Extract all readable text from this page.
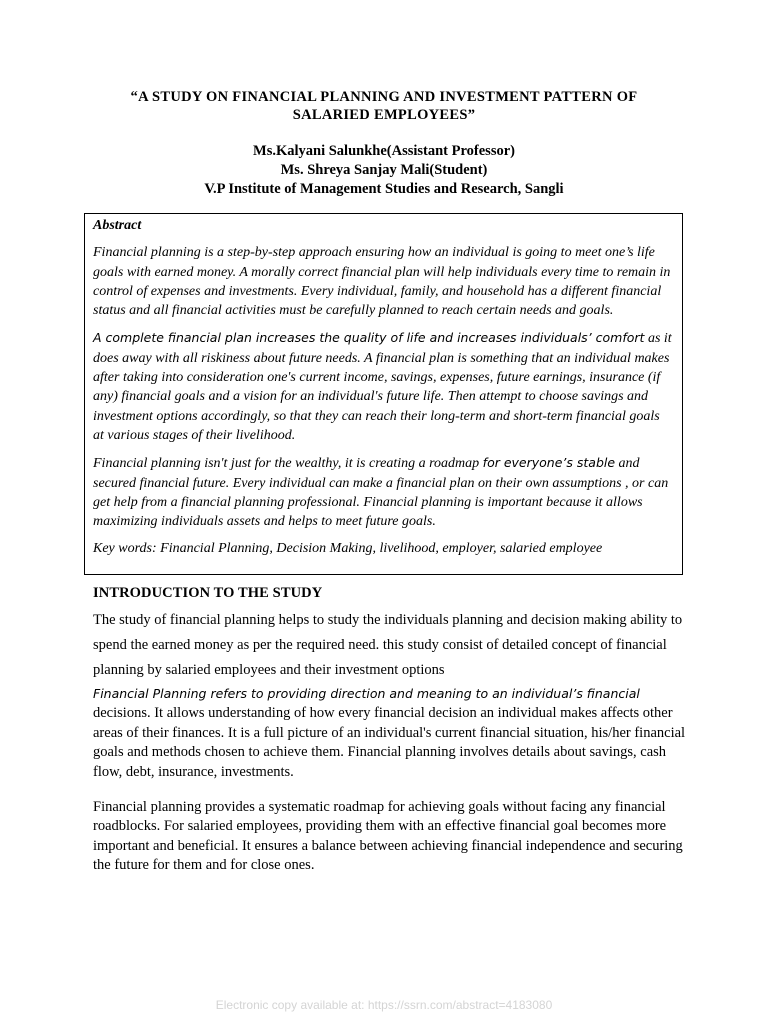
“A STUDY ON FINANCIAL PLANNING AND INVESTMENT PATTERN OF
SALARIED EMPLOYEES”
Ms.Kalyani Salunkhe(Assistant Professor)
Ms. Shreya Sanjay Mali(Student)
V.P Institute of Management Studies and Research, Sangli

Abstract

Financial planning is a step-by-step approach ensuring how an individual is going to meet one’s life goals with earned money. A morally correct financial plan will help individuals every time to remain in control of expenses and investments. Every individual, family, and household has a different financial status and all financial activities must be carefully planned to reach certain needs and goals.

A complete financial plan increases the quality of life and increases individuals’ comfort as it does away with all riskiness about future needs. A financial plan is something that an individual makes after taking into consideration one's current income, savings, expenses, future earnings, insurance (if any) financial goals and a vision for an individual's future life. Then attempt to choose savings and investment options accordingly, so that they can reach their long-term and short-term financial goals at various stages of their livelihood.

Financial planning isn't just for the wealthy, it is creating a roadmap for everyone’s stable and secured financial future. Every individual can make a financial plan on their own assumptions , or can get help from a financial planning professional. Financial planning is important because it allows maximizing individuals assets and helps to meet future goals.

Key words: Financial Planning, Decision Making, livelihood, employer, salaried employee

INTRODUCTION TO THE STUDY

The study of financial planning helps to study the individuals planning and decision making ability to spend the earned money as per the required need. this study consist of detailed concept of financial planning by salaried employees and their investment options

Financial Planning refers to providing direction and meaning to an individual’s financial decisions. It allows understanding of how every financial decision an individual makes affects other areas of their finances. It is a full picture of an individual's current financial situation, his/her financial goals and methods chosen to achieve them. Financial planning involves details about savings, cash flow, debt, insurance, investments.

Financial planning provides a systematic roadmap for achieving goals without facing any financial roadblocks. For salaried employees, providing them with an effective financial goal becomes more important and beneficial. It ensures a balance between achieving financial independence and securing the future for them and for close ones.

Electronic copy available at: https://ssrn.com/abstract=4183080
